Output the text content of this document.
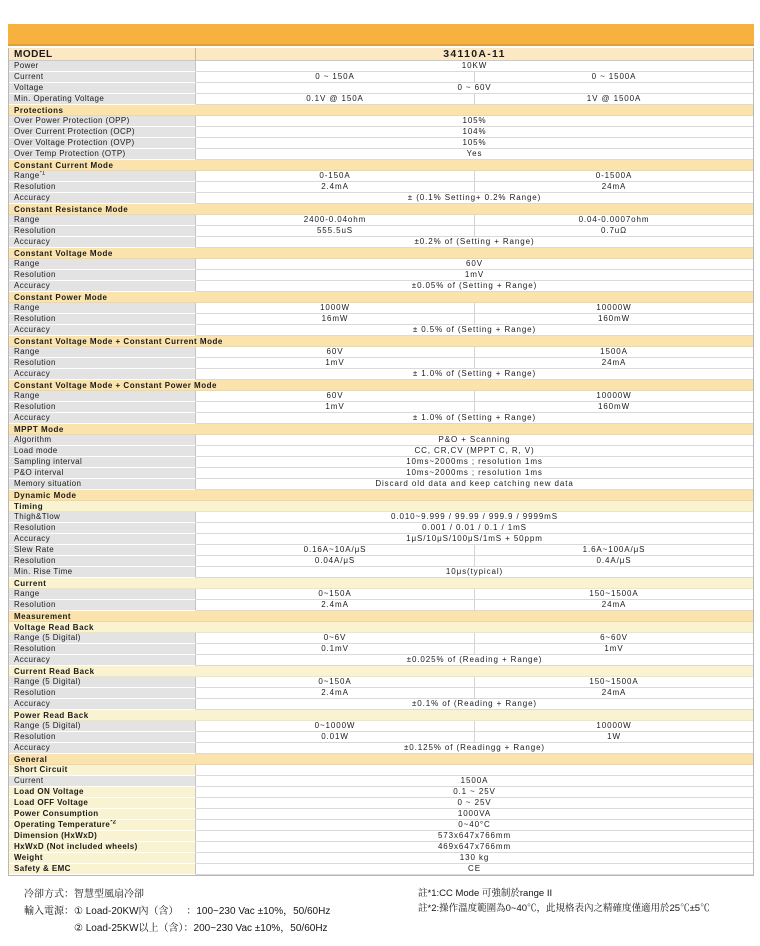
MODEL	34110A-11
Power	10KW
Current	0 ~ 150A	0 ~ 1500A
Voltage	0 ~ 60V
Min. Operating Voltage	0.1V @ 150A	1V @ 1500A
Protections
Over Power Protection (OPP)	105%
Over Current Protection (OCP)	104%
Over Voltage Protection (OVP)	105%
Over Temp Protection (OTP)	Yes
Constant Current Mode
Range$^{*1}$	0-150A	0-1500A
Resolution	2.4mA	24mA
Accuracy	± (0.1% Setting+ 0.2% Range)
Constant Resistance Mode
Range	2400-0.04ohm	0.04-0.0007ohm
Resolution	555.5uS	0.7uΩ
Accuracy	±0.2% of (Setting + Range)
Constant Voltage Mode
Range	60V
Resolution	1mV
Accuracy	±0.05% of (Setting + Range)
Constant Power Mode
Range	1000W	10000W
Resolution	16mW	160mW
Accuracy	± 0.5% of (Setting + Range)
Constant Voltage Mode + Constant Current Mode
Range	60V	1500A
Resolution	1mV	24mA
Accuracy	± 1.0% of (Setting + Range)
Constant Voltage Mode + Constant Power Mode
Range	60V	10000W
Resolution	1mV	160mW
Accuracy	± 1.0% of (Setting + Range)
MPPT Mode
Algorithm	P&O + Scanning
Load mode	CC, CR,CV (MPPT C, R, V)
Sampling interval	10ms~2000ms ; resolution 1ms
P&O interval	10ms~2000ms ; resolution 1ms
Memory situation	Discard old data and keep catching new data
Dynamic Mode
Timing
Thigh&Tlow	0.010~9.999 / 99.99 / 999.9 / 9999mS
Resolution	0.001 / 0.01 / 0.1 / 1mS
Accuracy	1μS/10μS/100μS/1mS + 50ppm
Slew Rate	0.16A~10A/μS	1.6A~100A/μS
Resolution	0.04A/μS	0.4A/μS
Min. Rise Time	10μs(typical)
Current
Range	0~150A	150~1500A
Resolution	2.4mA	24mA
Measurement
Voltage Read Back
Range (5 Digital)	0~6V	6~60V
Resolution	0.1mV	1mV
Accuracy	±0.025% of (Reading + Range)
Current Read Back
Range (5 Digital)	0~150A	150~1500A
Resolution	2.4mA	24mA
Accuracy	±0.1% of (Reading + Range)
Power Read Back
Range (5 Digital)	0~1000W	10000W
Resolution	0.01W	1W
Accuracy	±0.125% of (Readingg + Range)
General
Short Circuit
Current	1500A
Load ON Voltage	0.1 ~ 25V
Load OFF Voltage	0 ~ 25V
Power Consumption	1000VA
Operating Temperature$^{*2}$	0~40°C
Dimension (HxWxD)	573x647x766mm
HxWxD (Not included wheels)	469x647x766mm
Weight	130 kg
Safety & EMC	CE
冷卻方式：智慧型風扇冷卻
輸入電源： ① Load-20KW內（含）　 ：100~230 Vac ±10%，50/60Hz
② Load-25KW以上（含）：200~230 Vac ±10%，50/60Hz
註*1:CC Mode 可強制於range II
註*2:操作溫度範圍為0~40℃，此規格表內之精確度僅適用於25℃±5℃
